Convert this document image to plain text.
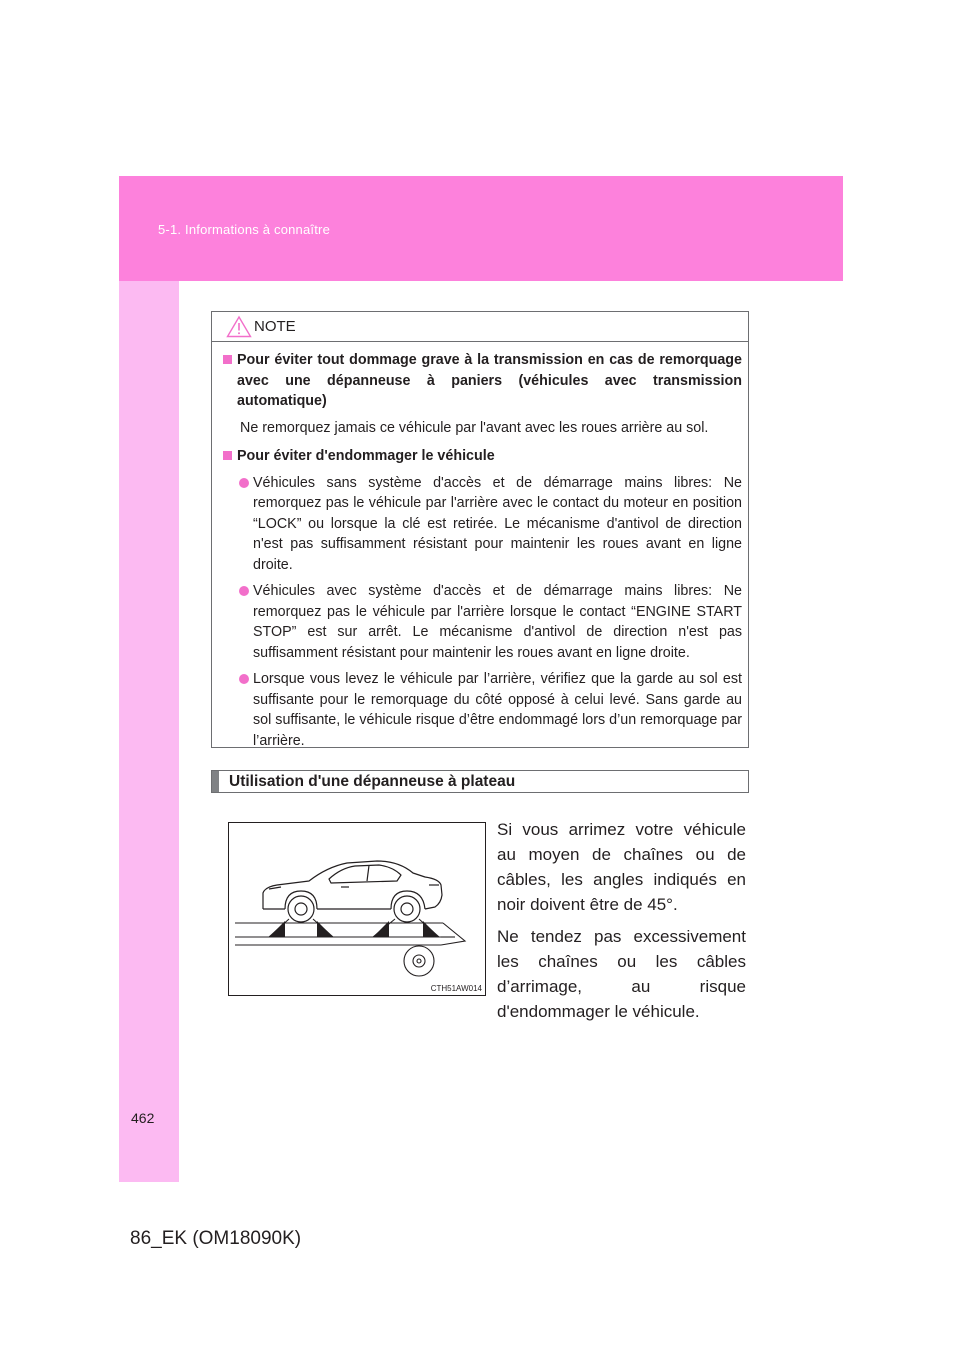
5-1. Informations à connaître
NOTE
Pour éviter tout dommage grave à la transmission en cas de remorquage avec une dépanneuse à paniers (véhicules avec transmission automatique)
Ne remorquez jamais ce véhicule par l'avant avec les roues arrière au sol.
Pour éviter d'endommager le véhicule
Véhicules sans système d'accès et de démarrage mains libres: Ne remorquez pas le véhicule par l'arrière avec le contact du moteur en position “LOCK” ou lorsque la clé est retirée. Le mécanisme d'antivol de direction n'est pas suffisamment résistant pour maintenir les roues avant en ligne droite.
Véhicules avec système d'accès et de démarrage mains libres: Ne remorquez pas le véhicule par l'arrière lorsque le contact “ENGINE START STOP” est sur arrêt. Le mécanisme d'antivol de direction n'est pas suffisamment résistant pour maintenir les roues avant en ligne droite.
Lorsque vous levez le véhicule par l’arrière, vérifiez que la garde au sol est suffisante pour le remorquage du côté opposé à celui levé. Sans garde au sol suffisante, le véhicule risque d’être endommagé lors d’un remorquage par l’arrière.
Utilisation d'une dépanneuse à plateau
CTH51AW014

Si vous arrimez votre véhicule au moyen de chaînes ou de câbles, les angles indiqués en noir doivent être de 45°.

Ne tendez pas excessivement les chaînes ou les câbles d’arrimage, au risque d'endommager le véhicule.

462
86_EK (OM18090K)
